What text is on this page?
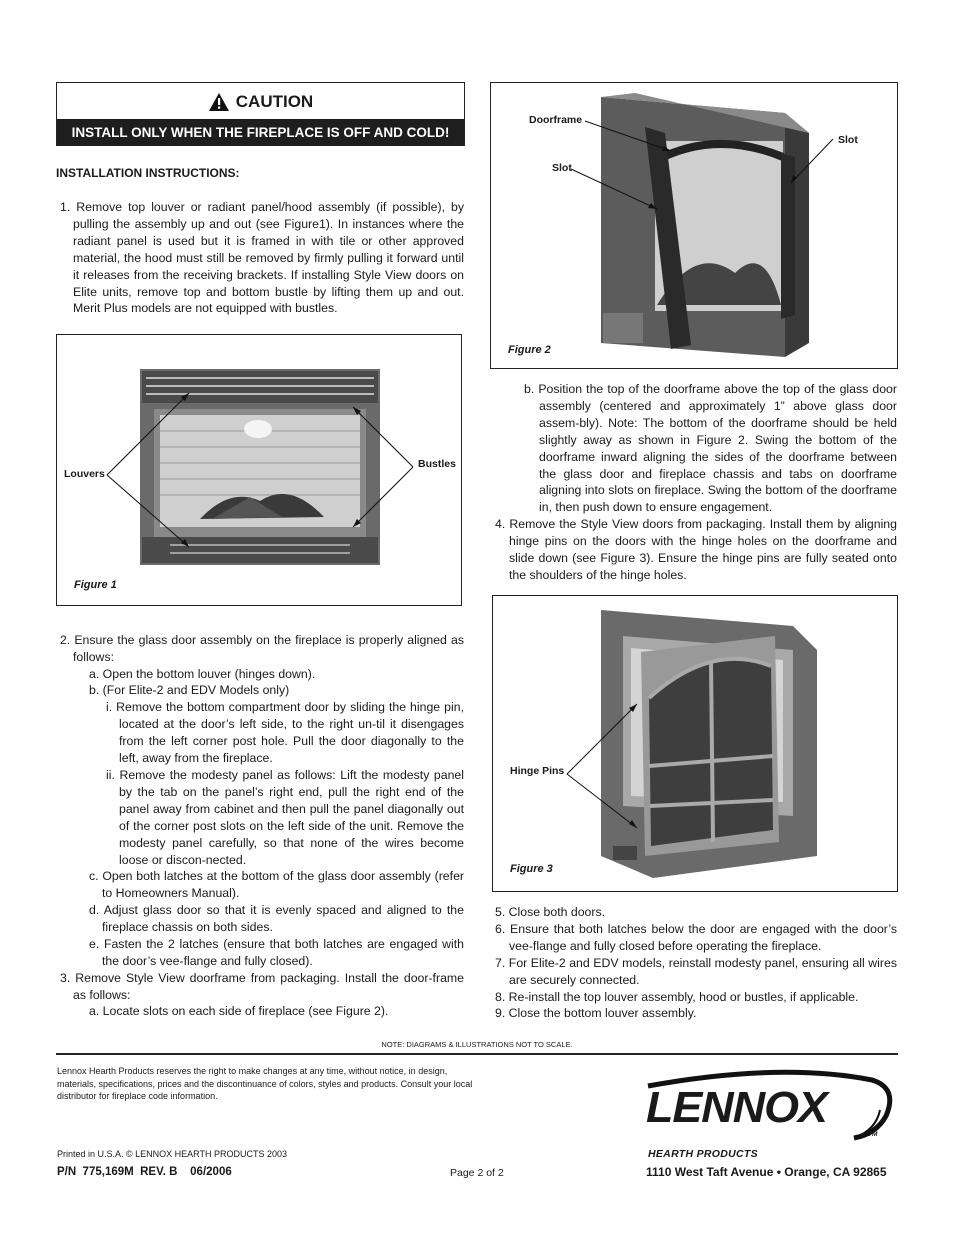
CAUTION
INSTALL ONLY WHEN THE FIREPLACE IS OFF AND COLD!
INSTALLATION INSTRUCTIONS:
1. Remove top louver or radiant panel/hood assembly (if possible), by pulling the assembly up and out (see Figure1). In instances where the radiant panel is used but it is framed in with tile or other approved material, the hood must still be removed by firmly pulling it forward until it releases from the receiving brackets. If installing Style View doors on Elite units, remove top and bottom bustle by lifting them up and out. Merit Plus models are not equipped with bustles.
Louvers
Bustles
Figure 1
2. Ensure the glass door assembly on the fireplace is properly aligned as follows:
a. Open the bottom louver (hinges down).
b. (For Elite-2 and EDV Models only)
i. Remove the bottom compartment door by sliding the hinge pin, located at the door’s left side, to the right un-til it disengages from the left corner post hole. Pull the door diagonally to the left, away from the fireplace.
ii. Remove the modesty panel as follows: Lift the modesty panel by the tab on the panel’s right end, pull the right end of the panel away from cabinet and then pull the panel diagonally out of the corner post slots on the left side of the unit. Remove the modesty panel carefully, so that none of the wires become loose or discon-nected.
c. Open both latches at the bottom of the glass door assembly (refer to Homeowners Manual).
d. Adjust glass door so that it is evenly spaced and aligned to the fireplace chassis on both sides.
e. Fasten the 2 latches (ensure that both latches are engaged with the door’s vee-flange and fully closed).
3. Remove Style View doorframe from packaging. Install the door-frame as follows:
a. Locate slots on each side of fireplace (see Figure 2).
Doorframe
Slot
Slot
Figure 2
b. Position the top of the doorframe above the top of the glass door assembly (centered and approximately 1” above glass door assem-bly). Note: The bottom of the doorframe should be held slightly away as shown in Figure 2. Swing the bottom of the doorframe inward aligning the sides of the doorframe between the glass door and fireplace chassis and tabs on doorframe aligning into slots on fireplace. Swing the bottom of the doorframe in, then push down to ensure engagement.
4. Remove the Style View doors from packaging. Install them by aligning hinge pins on the doors with the hinge holes on the doorframe and slide down (see Figure 3). Ensure the hinge pins are fully seated onto the shoulders of the hinge holes.
Hinge Pins
Figure 3
5. Close both doors.
6. Ensure that both latches below the door are engaged with the door’s vee-flange and fully closed before operating the fireplace.
7. For Elite-2 and EDV models, reinstall modesty panel, ensuring all wires are securely connected.
8. Re-install the top louver assembly, hood or bustles, if applicable.
9. Close the bottom louver assembly.
NOTE: DIAGRAMS & ILLUSTRATIONS NOT TO SCALE.
Lennox Hearth Products reserves the right to make changes at any time, without notice, in design, materials, specifications, prices and the discontinuance of colors, styles and products. Consult your local distributor for fireplace code information.
Printed in U.S.A. © LENNOX HEARTH PRODUCTS 2003
P/N  775,169M  REV. B    06/2006	Page 2 of 2
LENNOX
TM
HEARTH PRODUCTS
1110 West Taft Avenue • Orange, CA 92865
